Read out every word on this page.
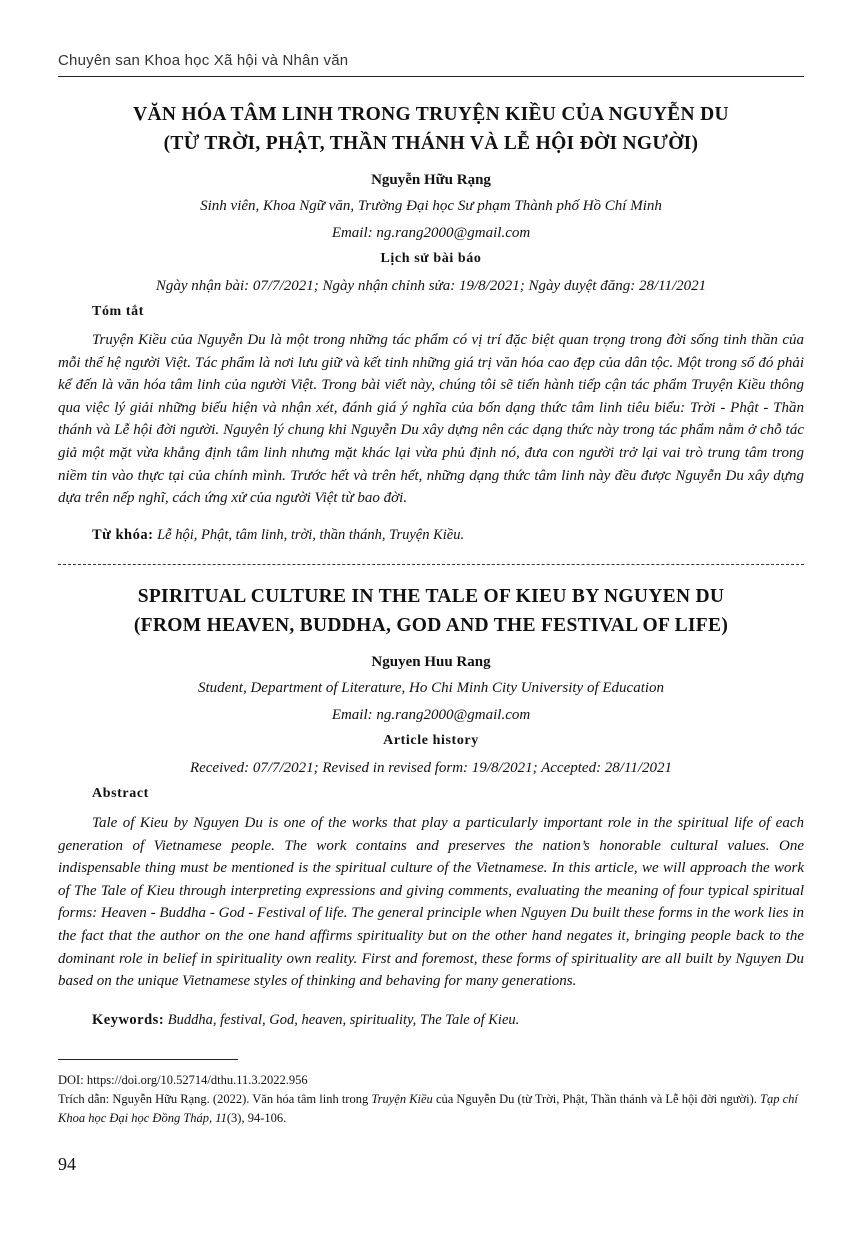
Chuyên san Khoa học Xã hội và Nhân văn
VĂN HÓA TÂM LINH TRONG TRUYỆN KIỀU CỦA NGUYỄN DU
(TỪ TRỜI, PHẬT, THẦN THÁNH VÀ LỄ HỘI ĐỜI NGƯỜI)
Nguyễn Hữu Rạng
Sinh viên, Khoa Ngữ văn, Trường Đại học Sư phạm Thành phố Hồ Chí Minh
Email: ng.rang2000@gmail.com
Lịch sử bài báo
Ngày nhận bài: 07/7/2021; Ngày nhận chỉnh sửa: 19/8/2021; Ngày duyệt đăng: 28/11/2021
Tóm tắt
Truyện Kiều của Nguyễn Du là một trong những tác phẩm có vị trí đặc biệt quan trọng trong đời sống tinh thần của mỗi thế hệ người Việt. Tác phẩm là nơi lưu giữ và kết tinh những giá trị văn hóa cao đẹp của dân tộc. Một trong số đó phải kể đến là văn hóa tâm linh của người Việt. Trong bài viết này, chúng tôi sẽ tiến hành tiếp cận tác phẩm Truyện Kiều thông qua việc lý giải những biểu hiện và nhận xét, đánh giá ý nghĩa của bốn dạng thức tâm linh tiêu biểu: Trời - Phật - Thần thánh và Lễ hội đời người. Nguyên lý chung khi Nguyễn Du xây dựng nên các dạng thức này trong tác phẩm nằm ở chỗ tác giả một mặt vừa khẳng định tâm linh nhưng mặt khác lại vừa phủ định nó, đưa con người trở lại vai trò trung tâm trong niềm tin vào thực tại của chính mình. Trước hết và trên hết, những dạng thức tâm linh này đều được Nguyễn Du xây dựng dựa trên nếp nghĩ, cách ứng xử của người Việt từ bao đời.
Từ khóa: Lễ hội, Phật, tâm linh, trời, thần thánh, Truyện Kiều.
SPIRITUAL CULTURE IN THE TALE OF KIEU BY NGUYEN DU
(FROM HEAVEN, BUDDHA, GOD AND THE FESTIVAL OF LIFE)
Nguyen Huu Rang
Student, Department of Literature, Ho Chi Minh City University of Education
Email: ng.rang2000@gmail.com
Article history
Received: 07/7/2021; Revised in revised form: 19/8/2021; Accepted: 28/11/2021
Abstract
Tale of Kieu by Nguyen Du is one of the works that play a particularly important role in the spiritual life of each generation of Vietnamese people. The work contains and preserves the nation’s honorable cultural values. One indispensable thing must be mentioned is the spiritual culture of the Vietnamese. In this article, we will approach the work of The Tale of Kieu through interpreting expressions and giving comments, evaluating the meaning of four typical spiritual forms: Heaven - Buddha - God - Festival of life. The general principle when Nguyen Du built these forms in the work lies in the fact that the author on the one hand affirms spirituality but on the other hand negates it, bringing people back to the dominant role in belief in spirituality own reality. First and foremost, these forms of spirituality are all built by Nguyen Du based on the unique Vietnamese styles of thinking and behaving for many generations.
Keywords: Buddha, festival, God, heaven, spirituality, The Tale of Kieu.
DOI: https://doi.org/10.52714/dthu.11.3.2022.956
Trích dẫn: Nguyễn Hữu Rạng. (2022). Văn hóa tâm linh trong Truyện Kiều của Nguyễn Du (từ Trời, Phật, Thần thánh và Lễ hội đời người). Tạp chí Khoa học Đại học Đồng Tháp, 11(3), 94-106.
94
